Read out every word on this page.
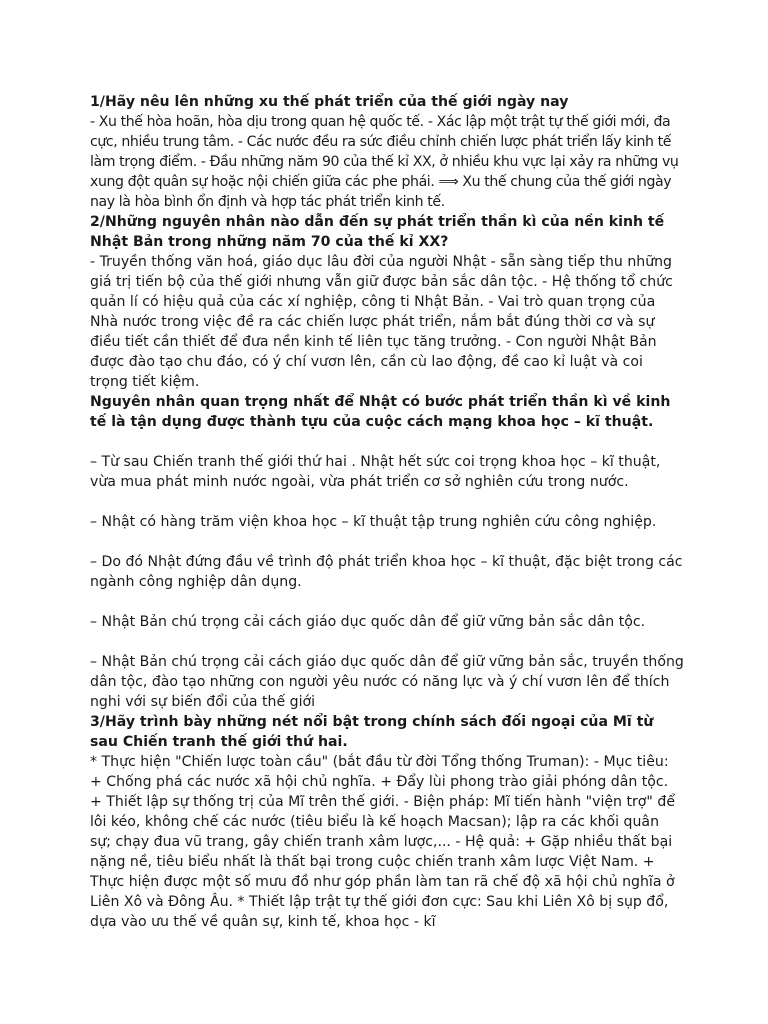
1/Hãy nêu lên những xu thế phát triển của thế giới ngày nay

- Xu thế hòa hoãn, hòa dịu trong quan hệ quốc tế. - Xác lập một trật tự thế giới mới, đa cực, nhiều trung tâm. - Các nước đều ra sức điều chỉnh chiến lược phát triển lấy kinh tế làm trọng điểm. - Đầu những năm 90 của thế kỉ XX, ở nhiều khu vực lại xảy ra những vụ xung đột quân sự hoặc nội chiến giữa các phe phái. ⟹ Xu thế chung của thế giới ngày nay là hòa bình ổn định và hợp tác phát triển kinh tế.

2/Những nguyên nhân nào dẫn đến sự phát triển thần kì của nền kinh tế Nhật Bản trong những năm 70 của thế kỉ XX?

- Truyền thống văn hoá, giáo dục lâu đời của người Nhật - sẵn sàng tiếp thu những giá trị tiến bộ của thế giới nhưng vẫn giữ được bản sắc dân tộc. - Hệ thống tổ chức quản lí có hiệu quả của các xí nghiệp, công ti Nhật Bản. - Vai trò quan trọng của Nhà nước trong việc đề ra các chiến lược phát triển, nắm bắt đúng thời cơ và sự điều tiết cần thiết để đưa nền kinh tế liên tục tăng trưởng. - Con người Nhật Bản được đào tạo chu đáo, có ý chí vươn lên, cần cù lao động, đề cao kỉ luật và coi trọng tiết kiệm.

Nguyên nhân quan trọng nhất để Nhật có bước phát triển thần kì về kinh tế là tận dụng được thành tựu của cuộc cách mạng khoa học – kĩ thuật.

– Từ sau Chiến tranh thế giới thứ hai . Nhật hết sức coi trọng khoa học – kĩ thuật, vừa mua phát minh nước ngoài, vừa phát triển cơ sở nghiên cứu trong nước.

– Nhật có hàng trăm viện khoa học – kĩ thuật tập trung nghiên cứu công nghiệp.

– Do đó Nhật đứng đầu về trình độ phát triển khoa học – kĩ thuật, đặc biệt trong các ngành công nghiệp dân dụng.

– Nhật Bản chú trọng cải cách giáo dục quốc dân để giữ vững bản sắc dân tộc.

– Nhật Bản chú trọng cải cách giáo dục quốc dân để giữ vững bản sắc, truyền thống dân tộc, đào tạo những con người yêu nước có năng lực và ý chí vươn lên để thích nghi với sự biến đổi của thế giới

3/Hãy trình bày những nét nổi bật trong chính sách đối ngoại của Mĩ từ sau Chiến tranh thế giới thứ hai.

* Thực hiện "Chiến lược toàn cầu" (bắt đầu từ đời Tổng thống Truman): - Mục tiêu: + Chống phá các nước xã hội chủ nghĩa. + Đẩy lùi phong trào giải phóng dân tộc. + Thiết lập sự thống trị của Mĩ trên thế giới. - Biện pháp: Mĩ tiến hành "viện trợ" để lôi kéo, không chế các nước (tiêu biểu là kế hoạch Macsan); lập ra các khối quân sự; chạy đua vũ trang, gây chiến tranh xâm lược,... - Hệ quả: + Gặp nhiều thất bại nặng nề, tiêu biểu nhất là thất bại trong cuộc chiến tranh xâm lược Việt Nam. + Thực hiện được một số mưu đồ như góp phần làm tan rã chế độ xã hội chủ nghĩa ở Liên Xô và Đông Âu. * Thiết lập trật tự thế giới đơn cực: Sau khi Liên Xô bị sụp đổ, dựa vào ưu thế về quân sự, kinh tế, khoa học - kĩ
